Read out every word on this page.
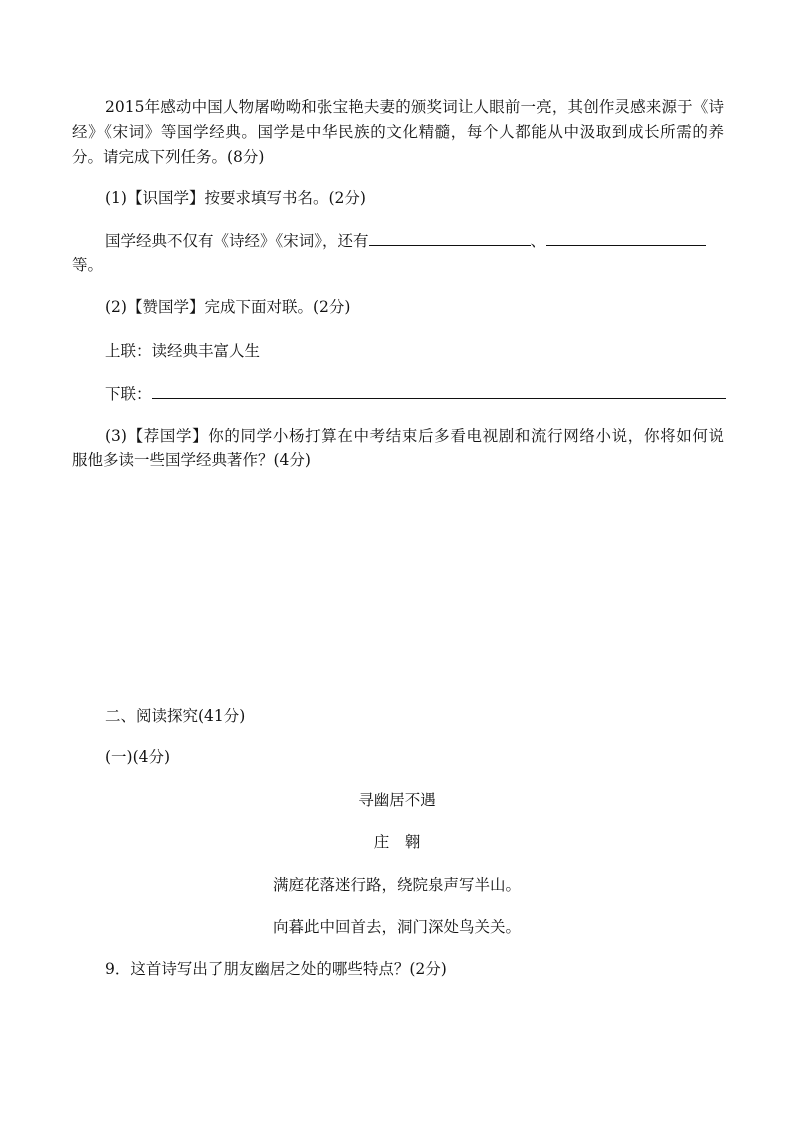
2015年感动中国人物屠呦呦和张宝艳夫妻的颁奖词让人眼前一亮，其创作灵感来源于《诗
经》《宋词》等国学经典。国学是中华民族的文化精髓，每个人都能从中汲取到成长所需的养
分。请完成下列任务。(8分)
(1)【识国学】按要求填写书名。(2分)
国学经典不仅有《诗经》《宋词》，还有	、
等。
(2)【赞国学】完成下面对联。(2分)
上联：读经典丰富人生
下联：
(3)【荐国学】你的同学小杨打算在中考结束后多看电视剧和流行网络小说，你将如何说
服他多读一些国学经典著作？(4分)
二、阅读探究(41分)
(一)(4分)
寻幽居不遇
庄　翱
满庭花落迷行路，绕院泉声写半山。
向暮此中回首去，洞门深处鸟关关。
9．这首诗写出了朋友幽居之处的哪些特点？(2分)
